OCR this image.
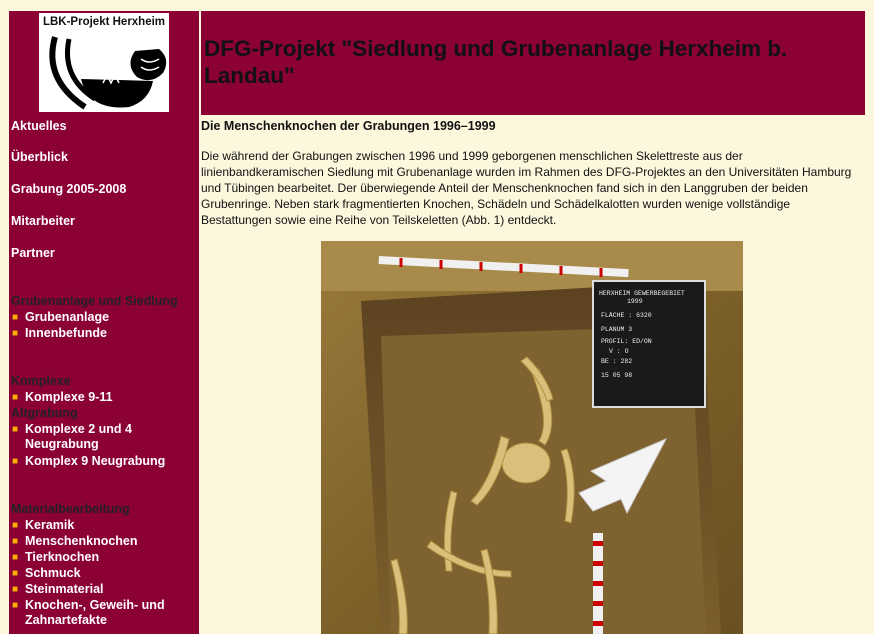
LBK-Projekt Herxheim
DFG-Projekt "Siedlung und Grubenanlage Herxheim b. Landau"
Aktuelles
Überblick
Grabung 2005-2008
Mitarbeiter
Partner
Grubenanlage und Siedlung
■ Grubenanlage
■ Innenbefunde
Komplexe
■ Komplexe 9-11
Altgrabung
■ Komplexe 2 und 4 Neugrabung
■ Komplex 9 Neugrabung
Materialbearbeitung
■ Keramik
■ Menschenknochen
■ Tierknochen
■ Schmuck
■ Steinmaterial
■ Knochen-, Geweih- und Zahnartefakte
Die Menschenknochen der Grabungen 1996–1999
Die während der Grabungen zwischen 1996 und 1999 geborgenen menschlichen Skelettreste aus der linienbandkeramischen Siedlung mit Grubenanlage wurden im Rahmen des DFG-Projektes an den Universitäten Hamburg und Tübingen bearbeitet. Der überwiegende Anteil der Menschenknochen fand sich in den Langgruben der beiden Grubenringe. Neben stark fragmentierten Knochen, Schädeln und Schädelkalotten wurden wenige vollständige Bestattungen sowie eine Reihe von Teilskeletten (Abb. 1) entdeckt.
HERXHEIM GEWERBEGEBIET
1999
FLÄCHE : 6320
PLANUM 3
PROFIL: ED/ON
V : O
BE : 282
15 05 98
